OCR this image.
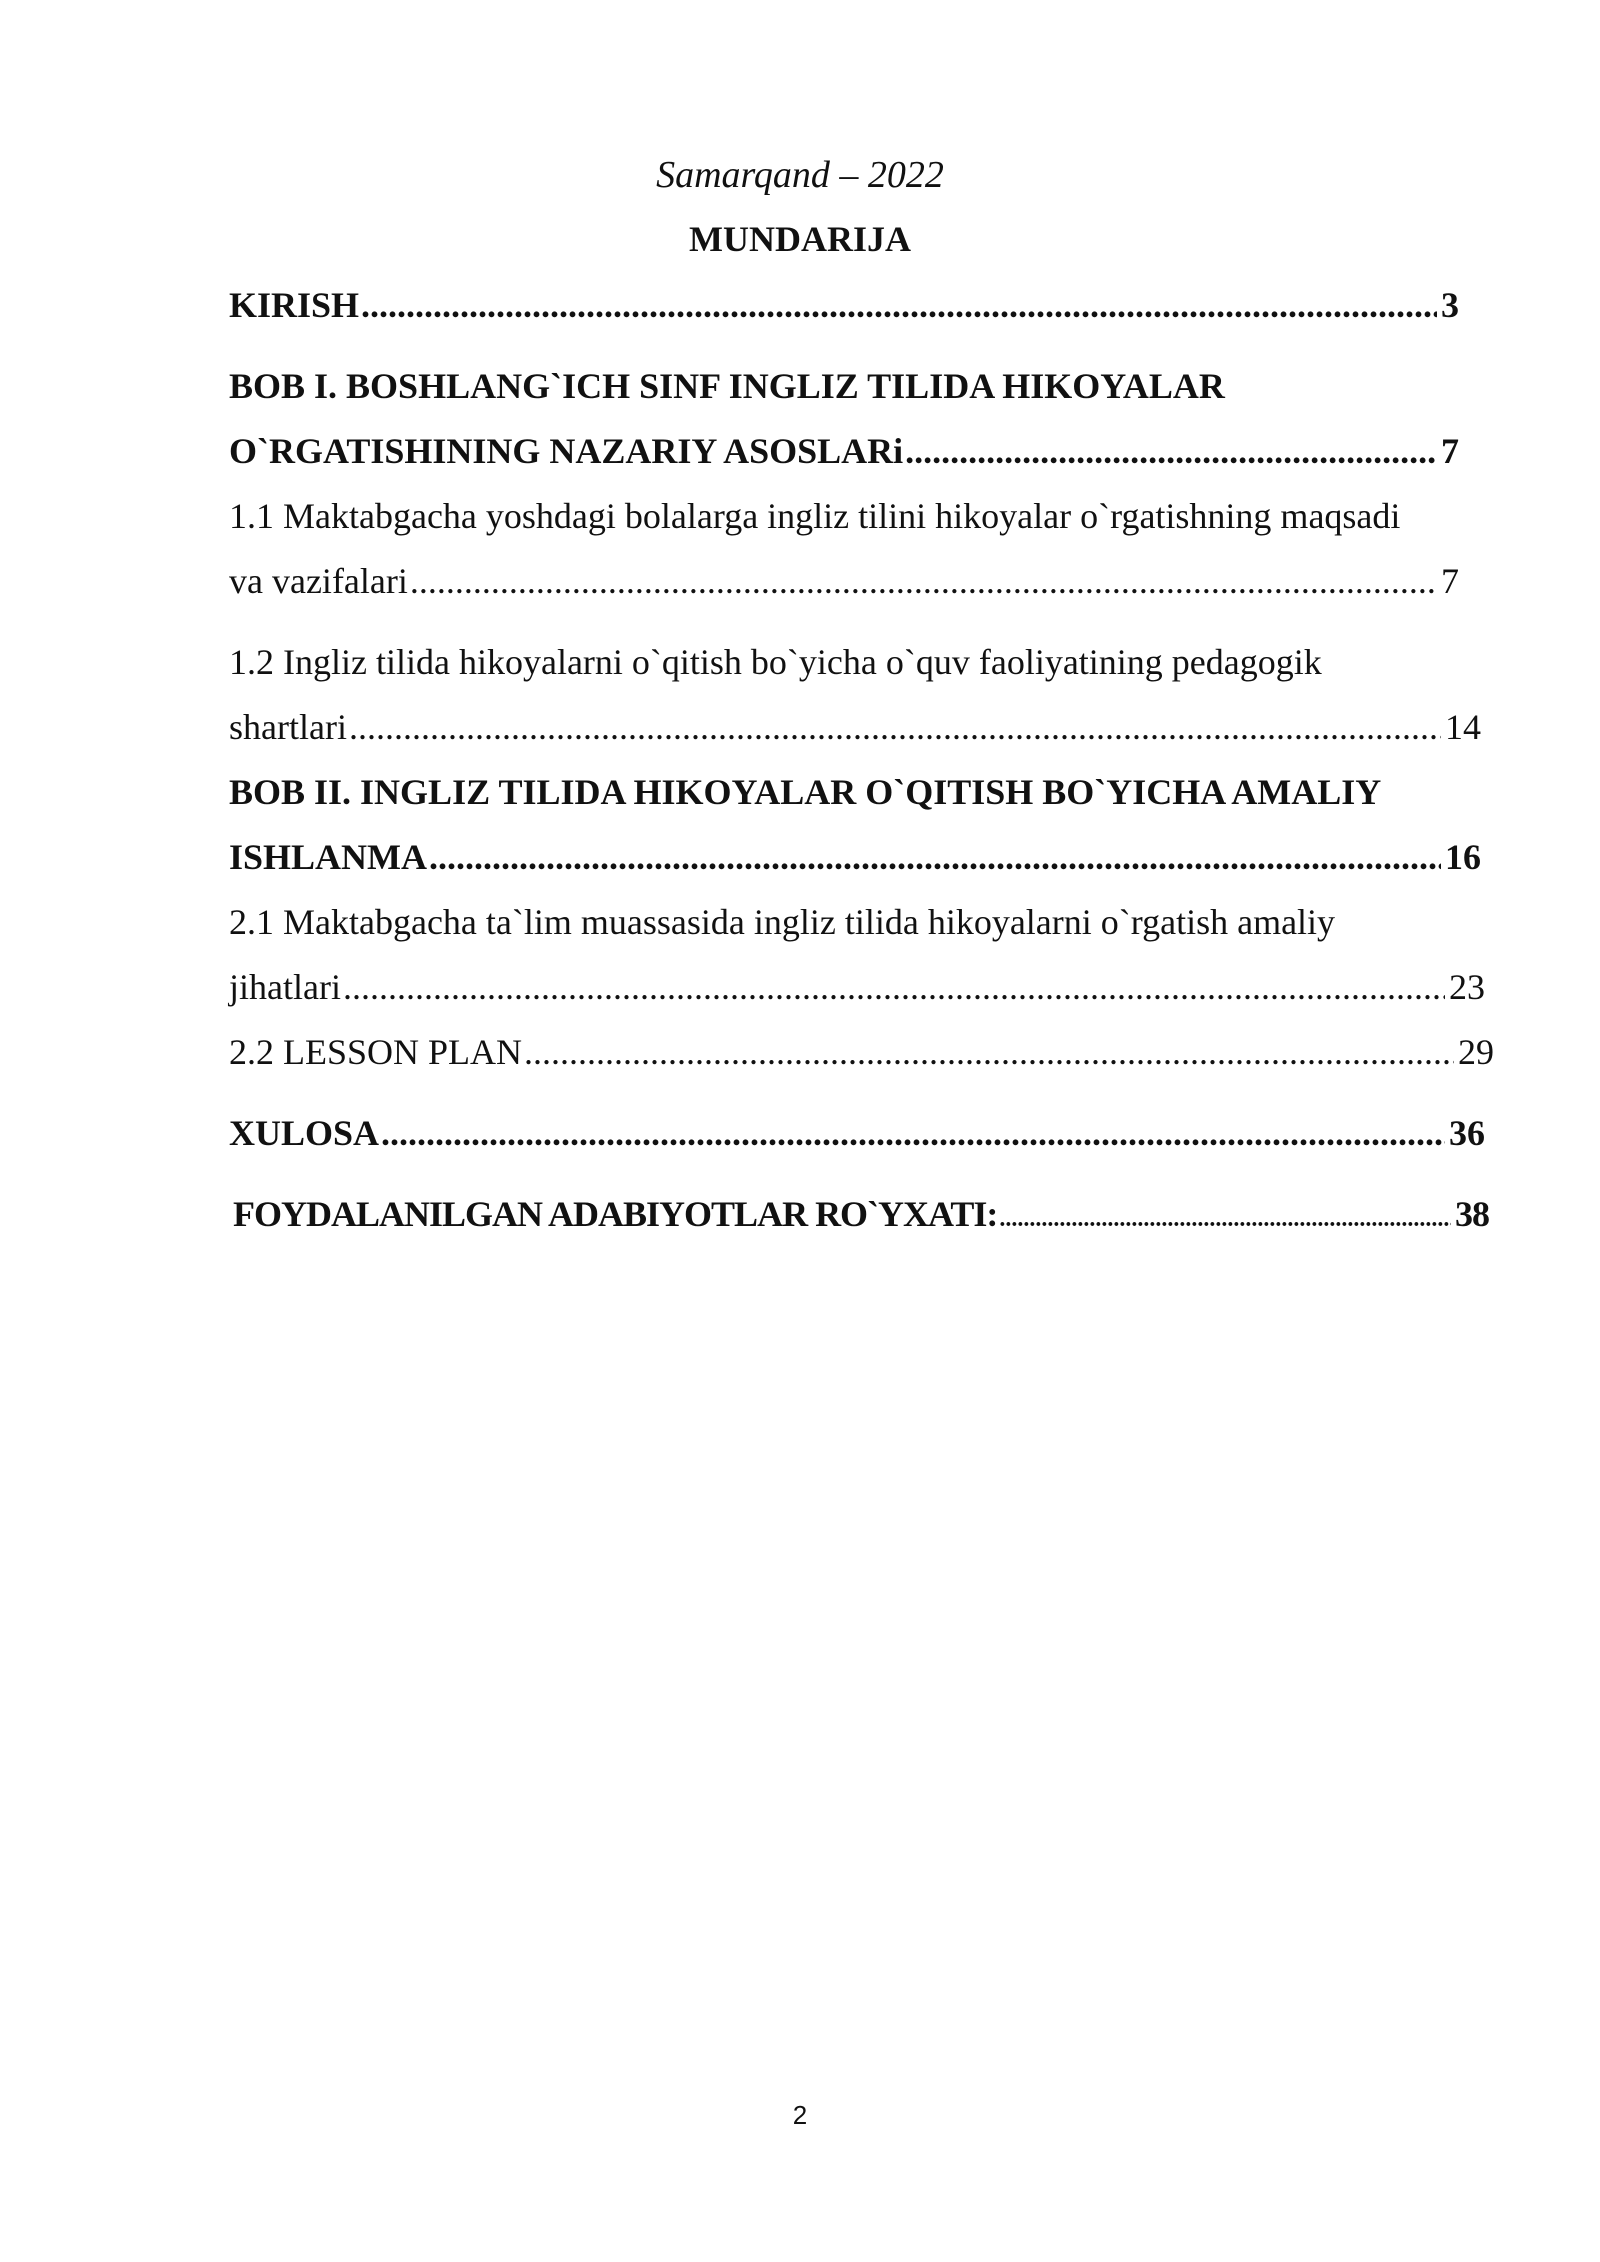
Samarqand – 2022
MUNDARIJA
KIRISH .....	3
BOB I. BOSHLANG`ICH SINF INGLIZ TILIDA HIKOYALAR
O`RGATISHINING NAZARIY ASOSLARi .....	7
1.1 Maktabgacha yoshdagi bolalarga ingliz tilini hikoyalar o`rgatishning maqsadi
va vazifalari .....	7
1.2 Ingliz tilida hikoyalarni o`qitish bo`yicha o`quv faoliyatining pedagogik
shartlari .....	14
BOB II. INGLIZ TILIDA HIKOYALAR O`QITISH BO`YICHA AMALIY
ISHLANMA .....	16
2.1 Maktabgacha ta`lim muassasida ingliz tilida hikoyalarni o`rgatish amaliy
jihatlari .....	23
2.2 LESSON PLAN .....	29
XULOSA .....	36
FOYDALANILGAN ADABIYOTLAR RO`YXATI: .....	38
2
